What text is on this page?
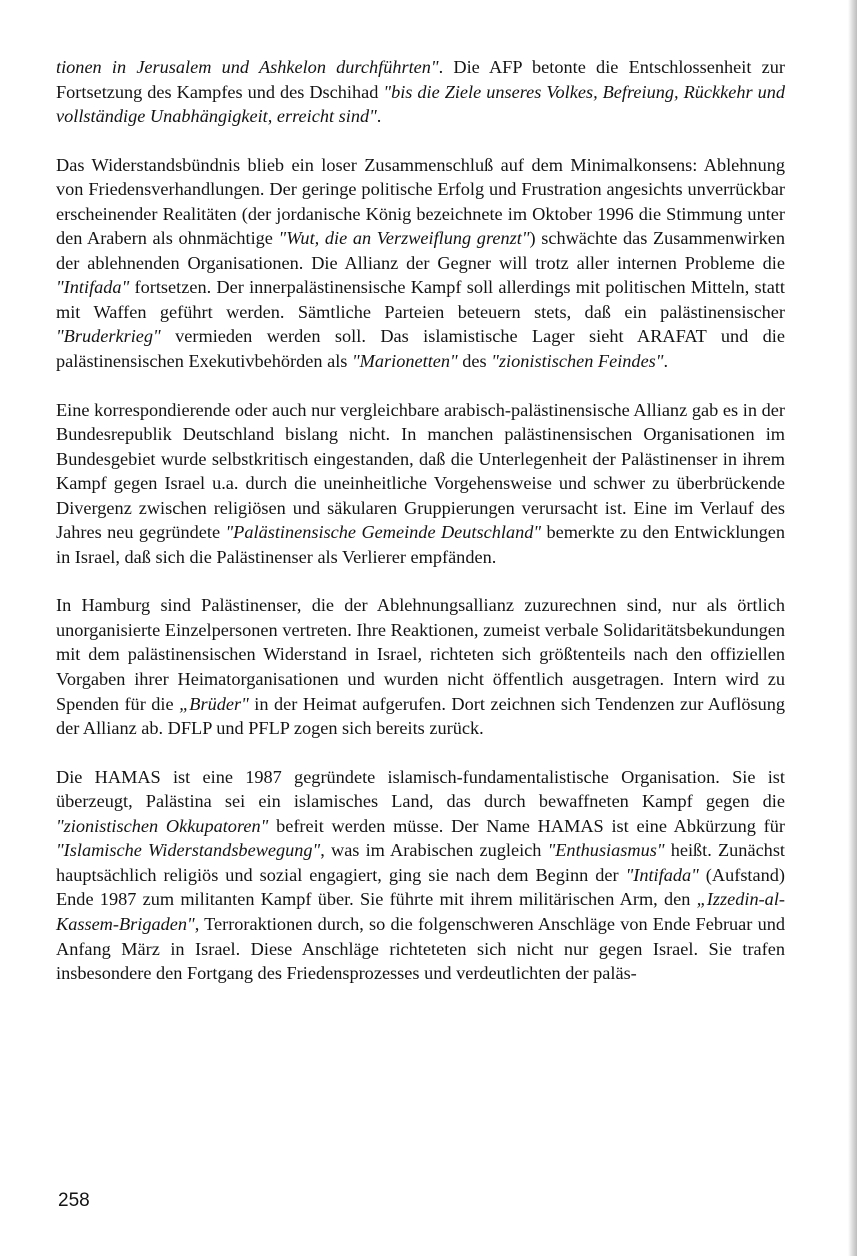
tionen in Jerusalem und Ashkelon durchführten". Die AFP betonte die Entschlossenheit zur Fortsetzung des Kampfes und des Dschihad "bis die Ziele unseres Volkes, Befreiung, Rückkehr und vollständige Unabhängigkeit, erreicht sind".

Das Widerstandsbündnis blieb ein loser Zusammenschluß auf dem Minimalkonsens: Ablehnung von Friedensverhandlungen. Der geringe politische Erfolg und Frustration angesichts unverrückbar erscheinender Realitäten (der jordanische König bezeichnete im Oktober 1996 die Stimmung unter den Arabern als ohnmächtige "Wut, die an Verzweiflung grenzt") schwächte das Zusammenwirken der ablehnenden Organisationen. Die Allianz der Gegner will trotz aller internen Probleme die "Intifada" fortsetzen. Der innerpalästinensische Kampf soll allerdings mit politischen Mitteln, statt mit Waffen geführt werden. Sämtliche Parteien beteuern stets, daß ein palästinensischer "Bruderkrieg" vermieden werden soll. Das islamistische Lager sieht ARAFAT und die palästinensischen Exekutivbehörden als "Marionetten" des "zionistischen Feindes".

Eine korrespondierende oder auch nur vergleichbare arabisch-palästinensische Allianz gab es in der Bundesrepublik Deutschland bislang nicht. In manchen palästinensischen Organisationen im Bundesgebiet wurde selbstkritisch eingestanden, daß die Unterlegenheit der Palästinenser in ihrem Kampf gegen Israel u.a. durch die uneinheitliche Vorgehensweise und schwer zu überbrückende Divergenz zwischen religiösen und säkularen Gruppierungen verursacht ist. Eine im Verlauf des Jahres neu gegründete "Palästinensische Gemeinde Deutschland" bemerkte zu den Entwicklungen in Israel, daß sich die Palästinenser als Verlierer empfänden.

In Hamburg sind Palästinenser, die der Ablehnungsallianz zuzurechnen sind, nur als örtlich unorganisierte Einzelpersonen vertreten. Ihre Reaktionen, zumeist verbale Solidaritätsbekundungen mit dem palästinensischen Widerstand in Israel, richteten sich größtenteils nach den offiziellen Vorgaben ihrer Heimatorganisationen und wurden nicht öffentlich ausgetragen. Intern wird zu Spenden für die „Brüder" in der Heimat aufgerufen. Dort zeichnen sich Tendenzen zur Auflösung der Allianz ab. DFLP und PFLP zogen sich bereits zurück.

Die HAMAS ist eine 1987 gegründete islamisch-fundamentalistische Organisation. Sie ist überzeugt, Palästina sei ein islamisches Land, das durch bewaffneten Kampf gegen die "zionistischen Okkupatoren" befreit werden müsse. Der Name HAMAS ist eine Abkürzung für "Islamische Widerstandsbewegung", was im Arabischen zugleich "Enthusiasmus" heißt. Zunächst hauptsächlich religiös und sozial engagiert, ging sie nach dem Beginn der "Intifada" (Aufstand) Ende 1987 zum militanten Kampf über. Sie führte mit ihrem militärischen Arm, den „Izzedin-al-Kassem-Brigaden", Terroraktionen durch, so die folgenschweren Anschläge von Ende Februar und Anfang März in Israel. Diese Anschläge richteteten sich nicht nur gegen Israel. Sie trafen insbesondere den Fortgang des Friedensprozesses und verdeutlichten der paläs-

258
